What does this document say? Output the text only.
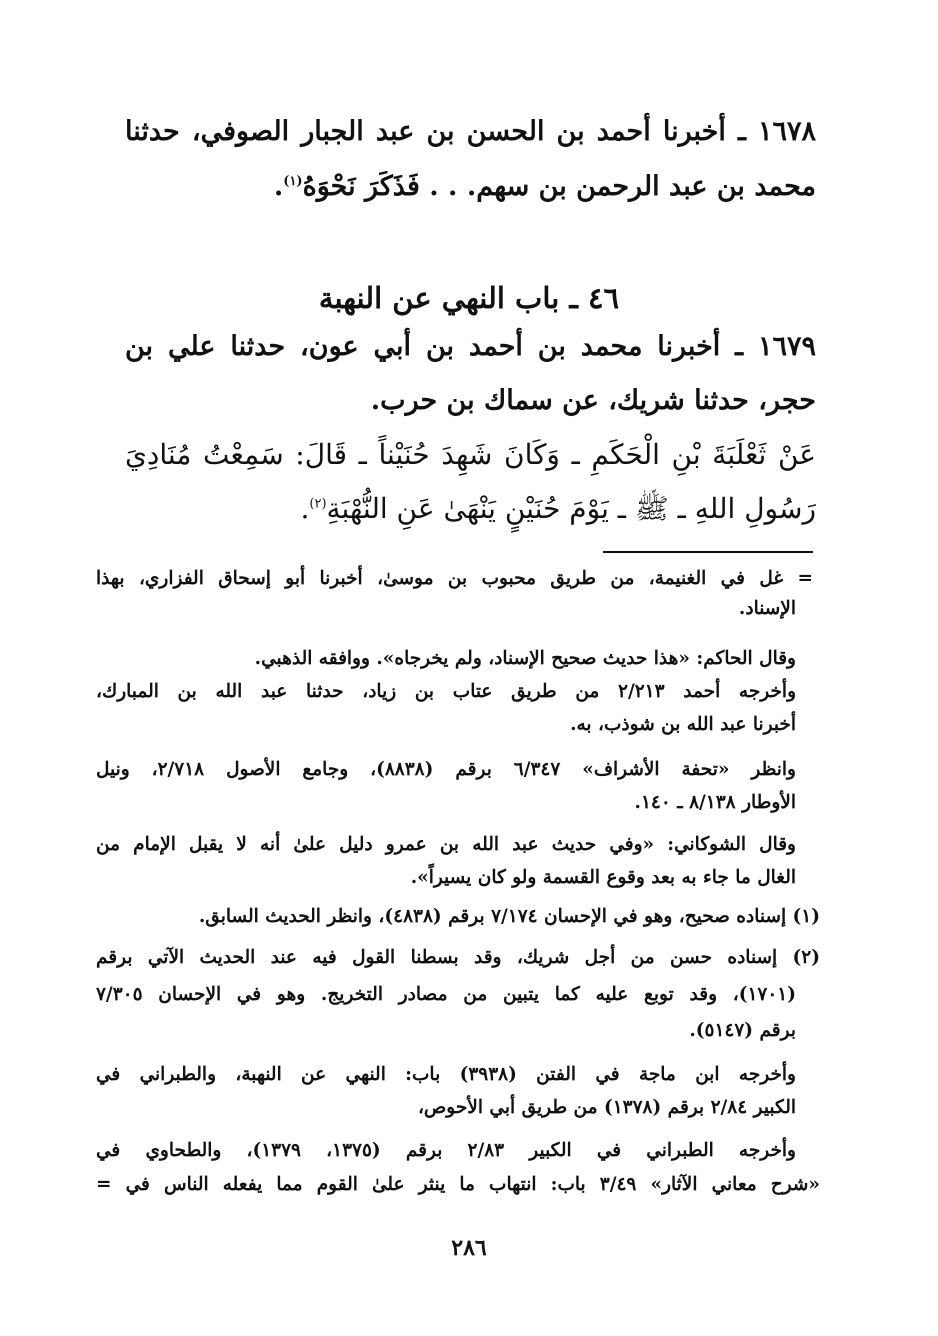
١٦٧٨ ـ أخبرنا أحمد بن الحسن بن عبد الجبار الصوفي، حدثنا
محمد بن عبد الرحمن بن سهم. . . فَذَكَرَ نَحْوَهُ$^{(١)}$.
٤٦ ـ باب النهي عن النهبة
١٦٧٩ ـ أخبرنا محمد بن أحمد بن أبي عون، حدثنا علي بن
حجر، حدثنا شريك، عن سماك بن حرب.
عَنْ ثَعْلَبَةَ بْنِ الْحَكَمِ ـ وَكَانَ شَهِدَ حُنَيْناً ـ قَالَ: سَمِعْتُ مُنَادِيَ
رَسُولِ اللهِ ـ ﷺ ـ يَوْمَ حُنَيْنٍ يَنْهَىٰ عَنِ النُّهْبَةِ$^{(٢)}$.
= غل في الغنيمة، من طريق محبوب بن موسىٰ، أخبرنا أبو إسحاق الفزاري، بهذا
الإسناد.
وقال الحاكم: «هذا حديث صحيح الإسناد، ولم يخرجاه». ووافقه الذهبي.
وأخرجه أحمد ٢/٢١٣ من طريق عتاب بن زياد، حدثنا عبد الله بن المبارك،
أخبرنا عبد الله بن شوذب، به.
وانظر «تحفة الأشراف» ٦/٣٤٧ برقم (٨٨٣٨)، وجامع الأصول ٢/٧١٨، ونيل
الأوطار ٨/١٣٨ ـ ١٤٠.
وقال الشوكاني: «وفي حديث عبد الله بن عمرو دليل علىٰ أنه لا يقبل الإمام من
الغال ما جاء به بعد وقوع القسمة ولو كان يسيراً».
(١) إسناده صحيح، وهو في الإحسان ٧/١٧٤ برقم (٤٨٣٨)، وانظر الحديث السابق.
(٢) إسناده حسن من أجل شريك، وقد بسطنا القول فيه عند الحديث الآتي برقم
(١٧٠١)، وقد توبع عليه كما يتبين من مصادر التخريج. وهو في الإحسان ٧/٣٠٥
برقم (٥١٤٧).
وأخرجه ابن ماجة في الفتن (٣٩٣٨) باب: النهي عن النهبة، والطبراني في
الكبير ٢/٨٤ برقم (١٣٧٨) من طريق أبي الأحوص،
وأخرجه الطبراني في الكبير ٢/٨٣ برقم (١٣٧٥، ١٣٧٩)، والطحاوي في
«شرح معاني الآثار» ٣/٤٩ باب: انتهاب ما ينثر علىٰ القوم مما يفعله الناس في =
٢٨٦
